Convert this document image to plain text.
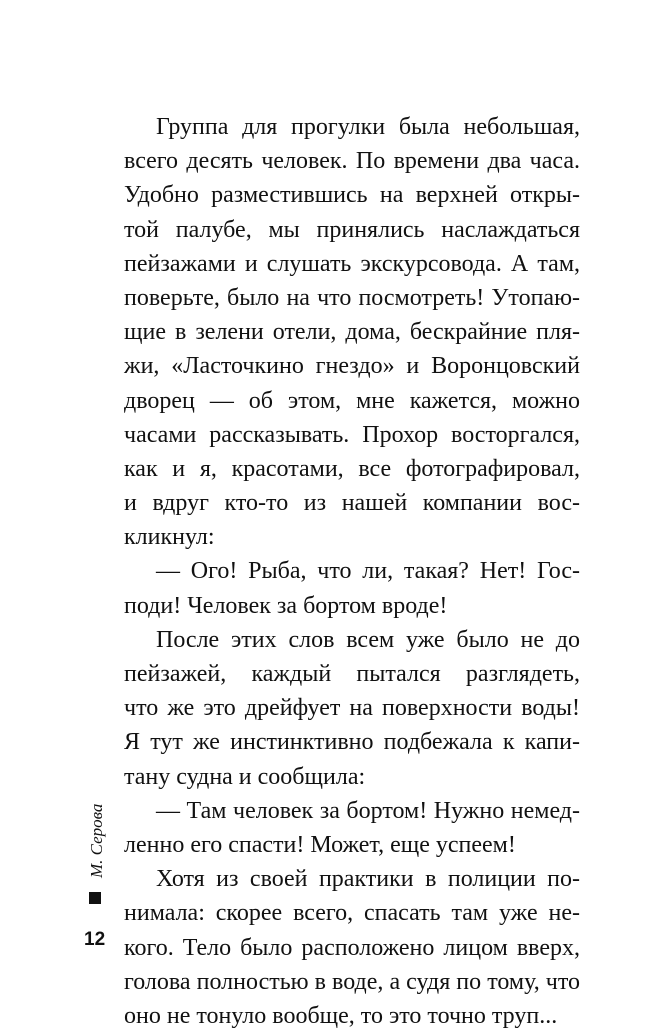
Группа для прогулки была небольшая,
всего десять человек. По времени два часа.
Удобно разместившись на верхней откры-
той палубе, мы принялись наслаждаться
пейзажами и слушать экскурсовода. А там,
поверьте, было на что посмотреть! Утопаю-
щие в зелени отели, дома, бескрайние пля-
жи, «Ласточкино гнездо» и Воронцовский
дворец — об этом, мне кажется, можно
часами рассказывать. Прохор восторгался,
как и я, красотами, все фотографировал,
и вдруг кто-то из нашей компании вос-
кликнул:
— Ого! Рыба, что ли, такая? Нет! Гос-
поди! Человек за бортом вроде!
После этих слов всем уже было не до
пейзажей, каждый пытался разглядеть,
что же это дрейфует на поверхности воды!
Я тут же инстинктивно подбежала к капи-
тану судна и сообщила:
— Там человек за бортом! Нужно немед-
ленно его спасти! Может, еще успеем!
Хотя из своей практики в полиции по-
нимала: скорее всего, спасать там уже не-
кого. Тело было расположено лицом вверх,
голова полностью в воде, а судя по тому, что
оно не тонуло вообще, то это точно труп...
М. Серова
12
